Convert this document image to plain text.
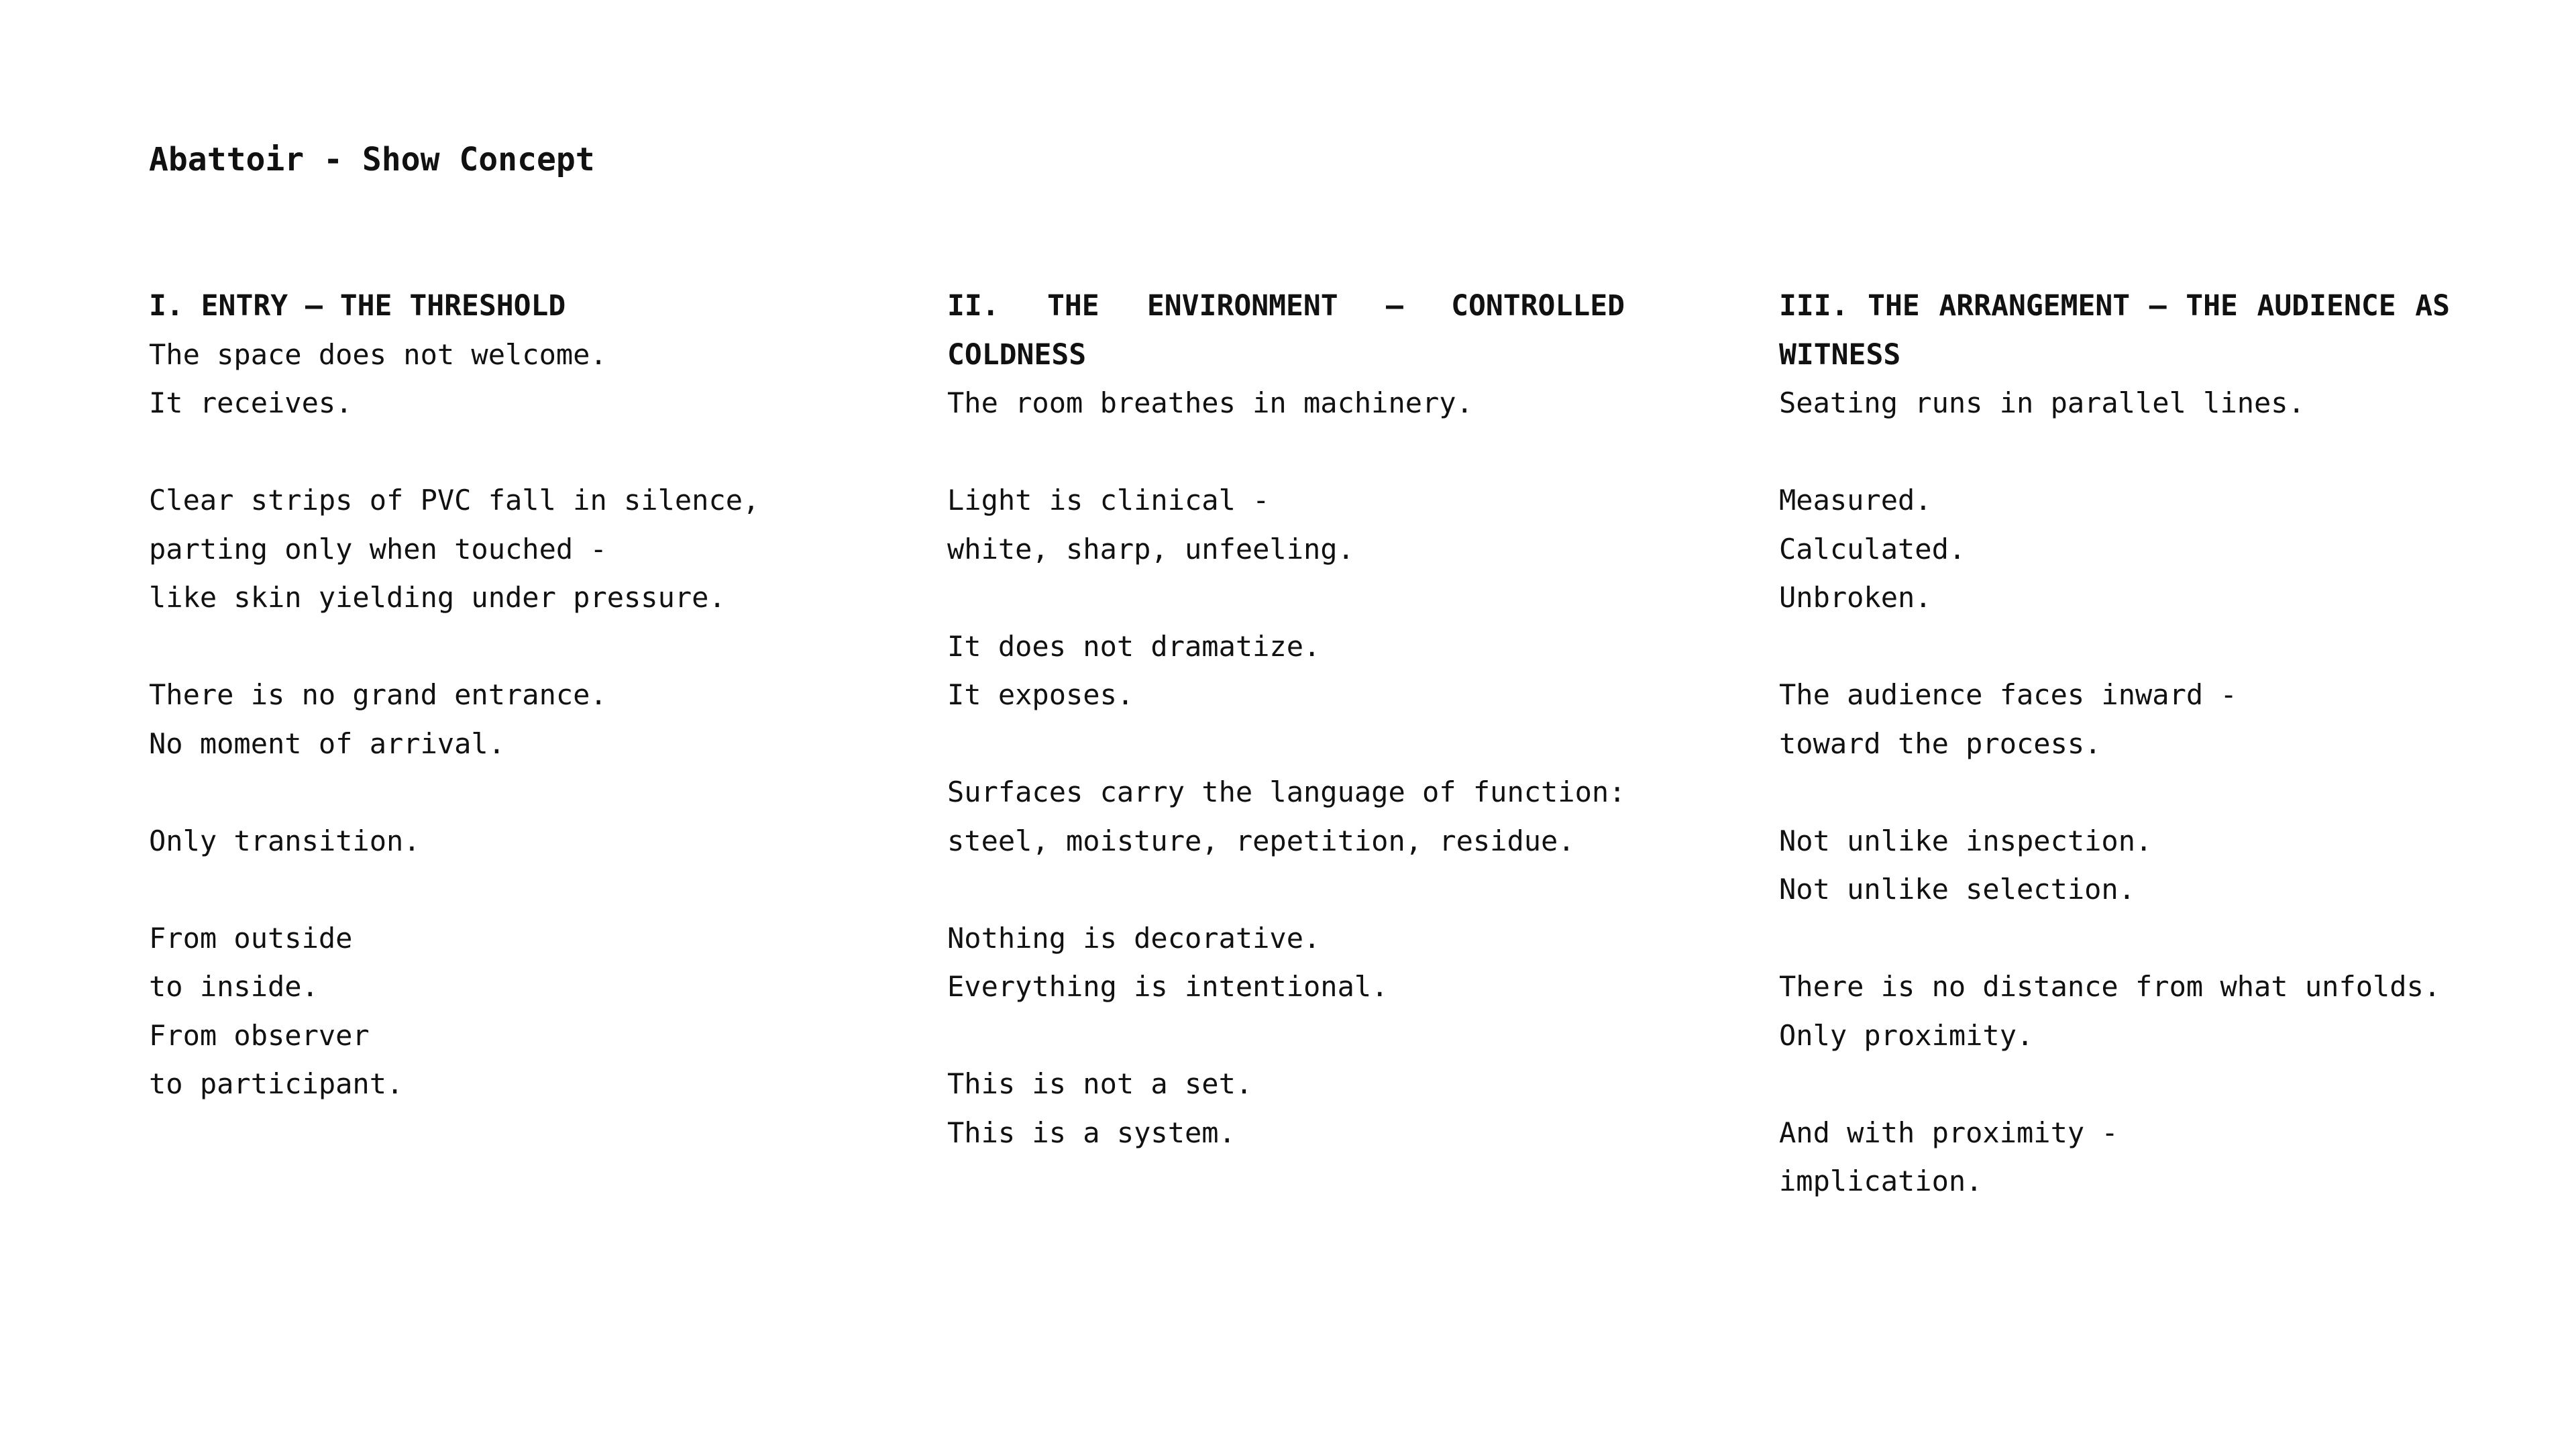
Abattoir - Show Concept
I. ENTRY — THE THRESHOLD
The space does not welcome.
It receives.
Clear strips of PVC fall in silence,
parting only when touched -
like skin yielding under pressure.
There is no grand entrance.
No moment of arrival.
Only transition.
From outside
to inside.
From observer
to participant.
II. THE ENVIRONMENT — CONTROLLED COLDNESS
The room breathes in machinery.
Light is clinical -
white, sharp, unfeeling.
It does not dramatize.
It exposes.
Surfaces carry the language of function:
steel, moisture, repetition, residue.
Nothing is decorative.
Everything is intentional.
This is not a set.
This is a system.
III. THE ARRANGEMENT — THE AUDIENCE AS WITNESS
Seating runs in parallel lines.
Measured.
Calculated.
Unbroken.
The audience faces inward -
toward the process.
Not unlike inspection.
Not unlike selection.
There is no distance from what unfolds.
Only proximity.
And with proximity -
implication.
